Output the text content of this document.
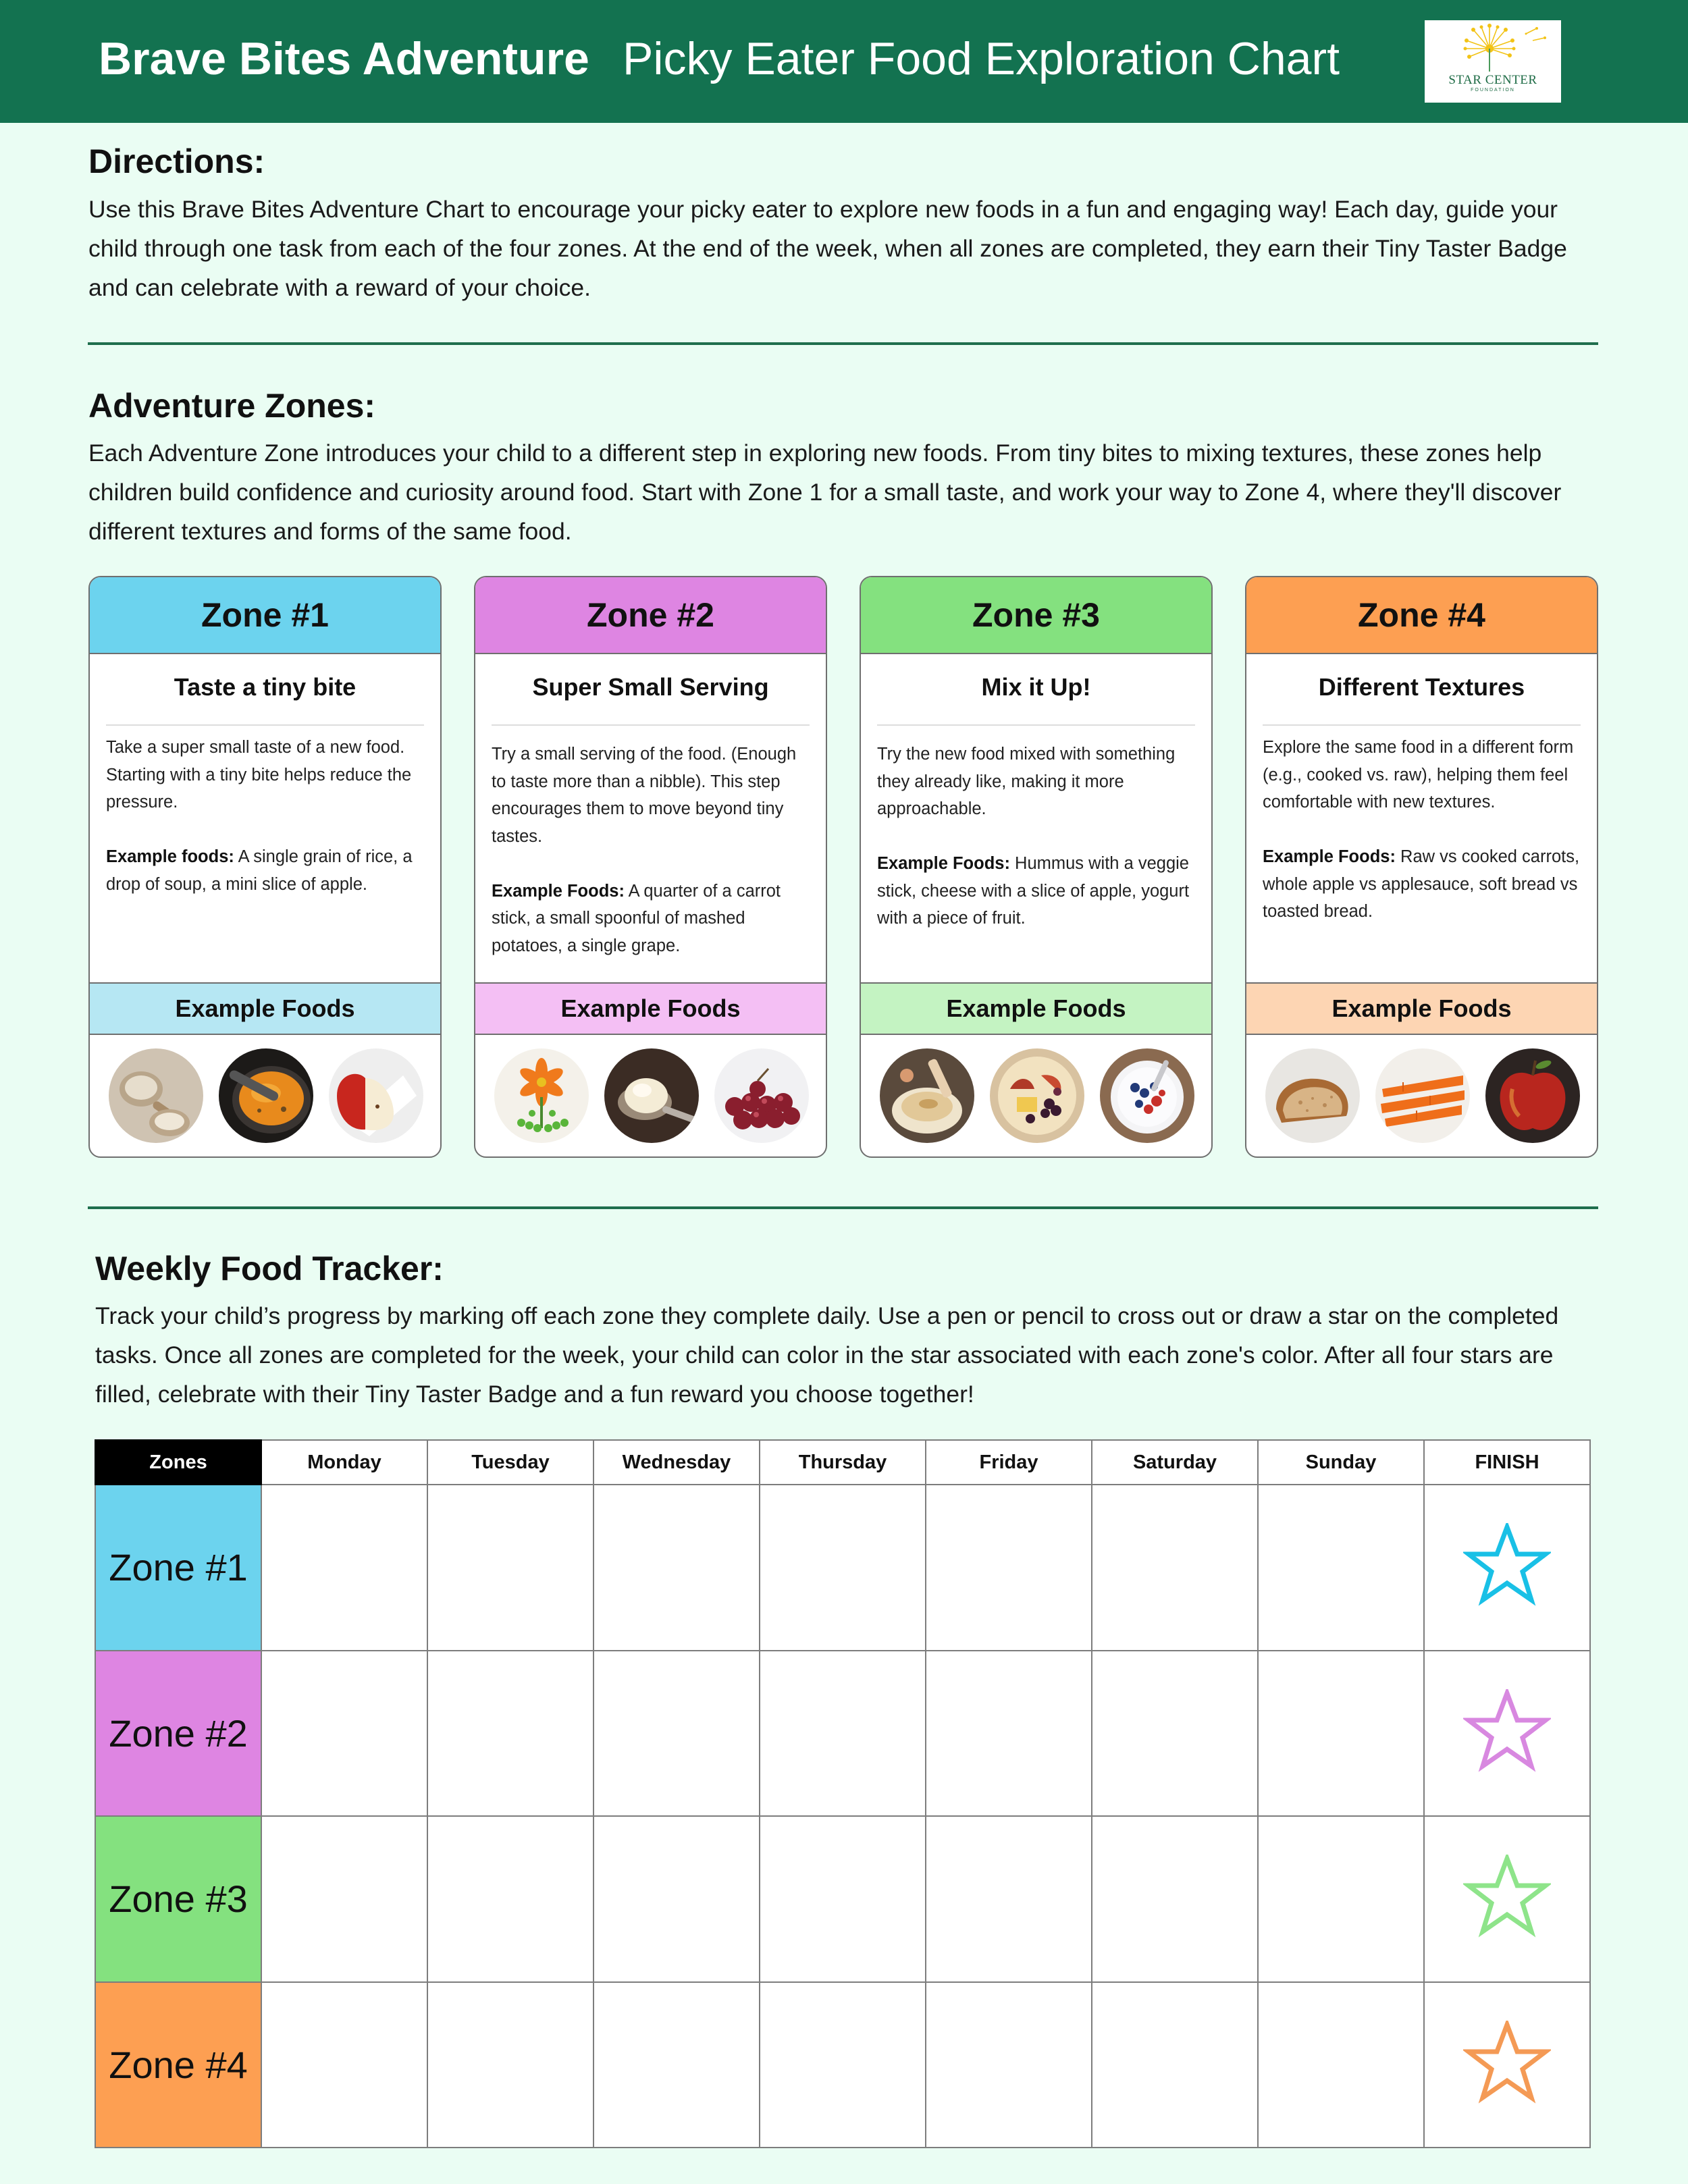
Brave Bites Adventure Picky Eater Food Exploration Chart	STAR CENTER
FOUNDATION
Directions:
Use this Brave Bites Adventure Chart to encourage your picky eater to explore new foods in a fun and engaging way! Each day, guide your child through one task from each of the four zones. At the end of the week, when all zones are completed, they earn their Tiny Taster Badge and can celebrate with a reward of your choice.
Adventure Zones:
Each Adventure Zone introduces your child to a different step in exploring new foods. From tiny bites to mixing textures, these zones help children build confidence and curiosity around food. Start with Zone 1 for a small taste, and work your way to Zone 4, where they'll discover different textures and forms of the same food.
Zone #1
Taste a tiny bite
Take a super small taste of a new food. Starting with a tiny bite helps reduce the pressure.
Example foods: A single grain of rice, a drop of soup, a mini slice of apple.
Example Foods
Zone #2
Super Small Serving
Try a small serving of the food. (Enough to taste more than a nibble). This step encourages them to move beyond tiny tastes.
Example Foods: A quarter of a carrot stick, a small spoonful of mashed potatoes, a single grape.
Example Foods
Zone #3
Mix it Up!
Try the new food mixed with something they already like, making it more approachable.
Example Foods: Hummus with a veggie stick, cheese with a slice of apple, yogurt with a piece of fruit.
Example Foods
Zone #4
Different Textures
Explore the same food in a different form (e.g., cooked vs. raw), helping them feel comfortable with new textures.
Example Foods: Raw vs cooked carrots, whole apple vs applesauce, soft bread vs toasted bread.
Example Foods
Weekly Food Tracker:
Track your child’s progress by marking off each zone they complete daily. Use a pen or pencil to cross out or draw a star on the completed tasks. Once all zones are completed for the week, your child can color in the star associated with each zone's color. After all four stars are filled, celebrate with their Tiny Taster Badge and a fun reward you choose together!
Zones	Monday	Tuesday	Wednesday	Thursday	Friday	Saturday	Sunday	FINISH
Zone #1								
Zone #2								
Zone #3								
Zone #4								
